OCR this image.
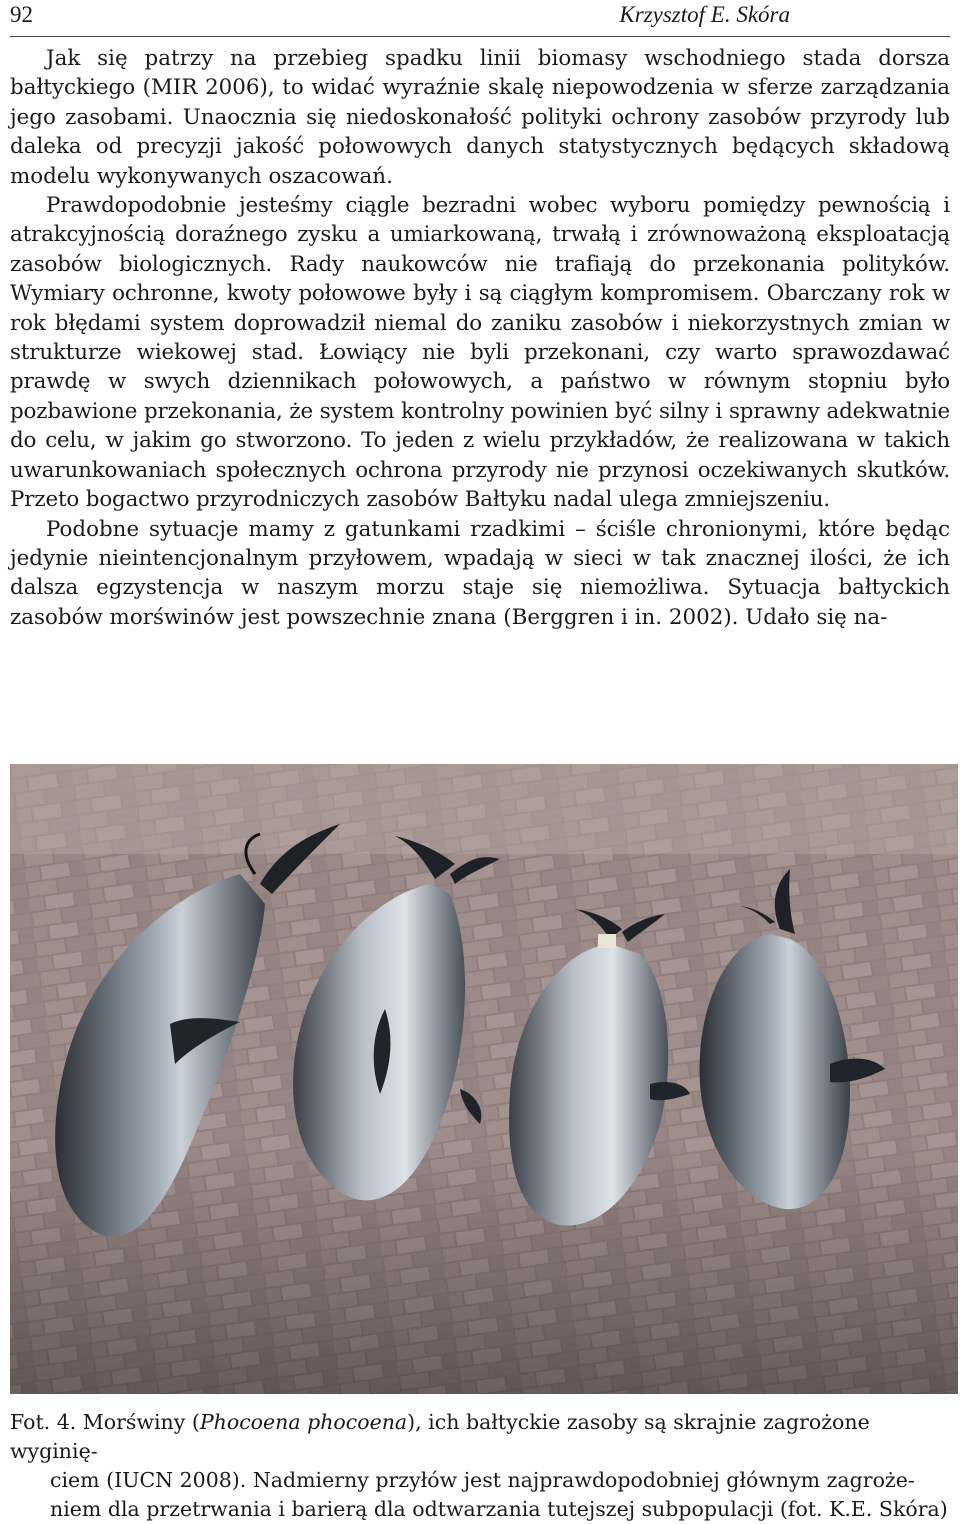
92	Krzysztof E. Skóra

Jak się patrzy na przebieg spadku linii biomasy wschodniego stada dorsza bałtyckiego (MIR 2006), to widać wyraźnie skalę niepowodzenia w sferze zarządzania jego zasobami. Unaocznia się niedoskonałość polityki ochrony zasobów przyrody lub daleka od precyzji jakość połowowych danych statystycznych będących składową modelu wykonywanych oszacowań.

Prawdopodobnie jesteśmy ciągle bezradni wobec wyboru pomiędzy pewnością i atrakcyjnością doraźnego zysku a umiarkowaną, trwałą i zrównoważoną eksploatacją zasobów biologicznych. Rady naukowców nie trafiają do przekonania polityków. Wymiary ochronne, kwoty połowowe były i są ciągłym kompromisem. Obarczany rok w rok błędami system doprowadził niemal do zaniku zasobów i niekorzystnych zmian w strukturze wiekowej stad. Łowiący nie byli przekonani, czy warto sprawozdawać prawdę w swych dziennikach połowowych, a państwo w równym stopniu było pozbawione przekonania, że system kontrolny powinien być silny i sprawny adekwatnie do celu, w jakim go stworzono. To jeden z wielu przykładów, że realizowana w takich uwarunkowaniach społecznych ochrona przyrody nie przynosi oczekiwanych skutków. Przeto bogactwo przyrodniczych zasobów Bałtyku nadal ulega zmniejszeniu.

Podobne sytuacje mamy z gatunkami rzadkimi – ściśle chronionymi, które będąc jedynie nieintencjonalnym przyłowem, wpadają w sieci w tak znacznej ilości, że ich dalsza egzystencja w naszym morzu staje się niemożliwa. Sytuacja bałtyckich zasobów morświnów jest powszechnie znana (Berggren i in. 2002). Udało się na-

Fot. 4. Morświny (Phocoena phocoena), ich bałtyckie zasoby są skrajnie zagrożone wyginię-
ciem (IUCN 2008). Nadmierny przyłów jest najprawdopodobniej głównym zagroże-
niem dla przetrwania i barierą dla odtwarzania tutejszej subpopulacji (fot. K.E. Skóra)
